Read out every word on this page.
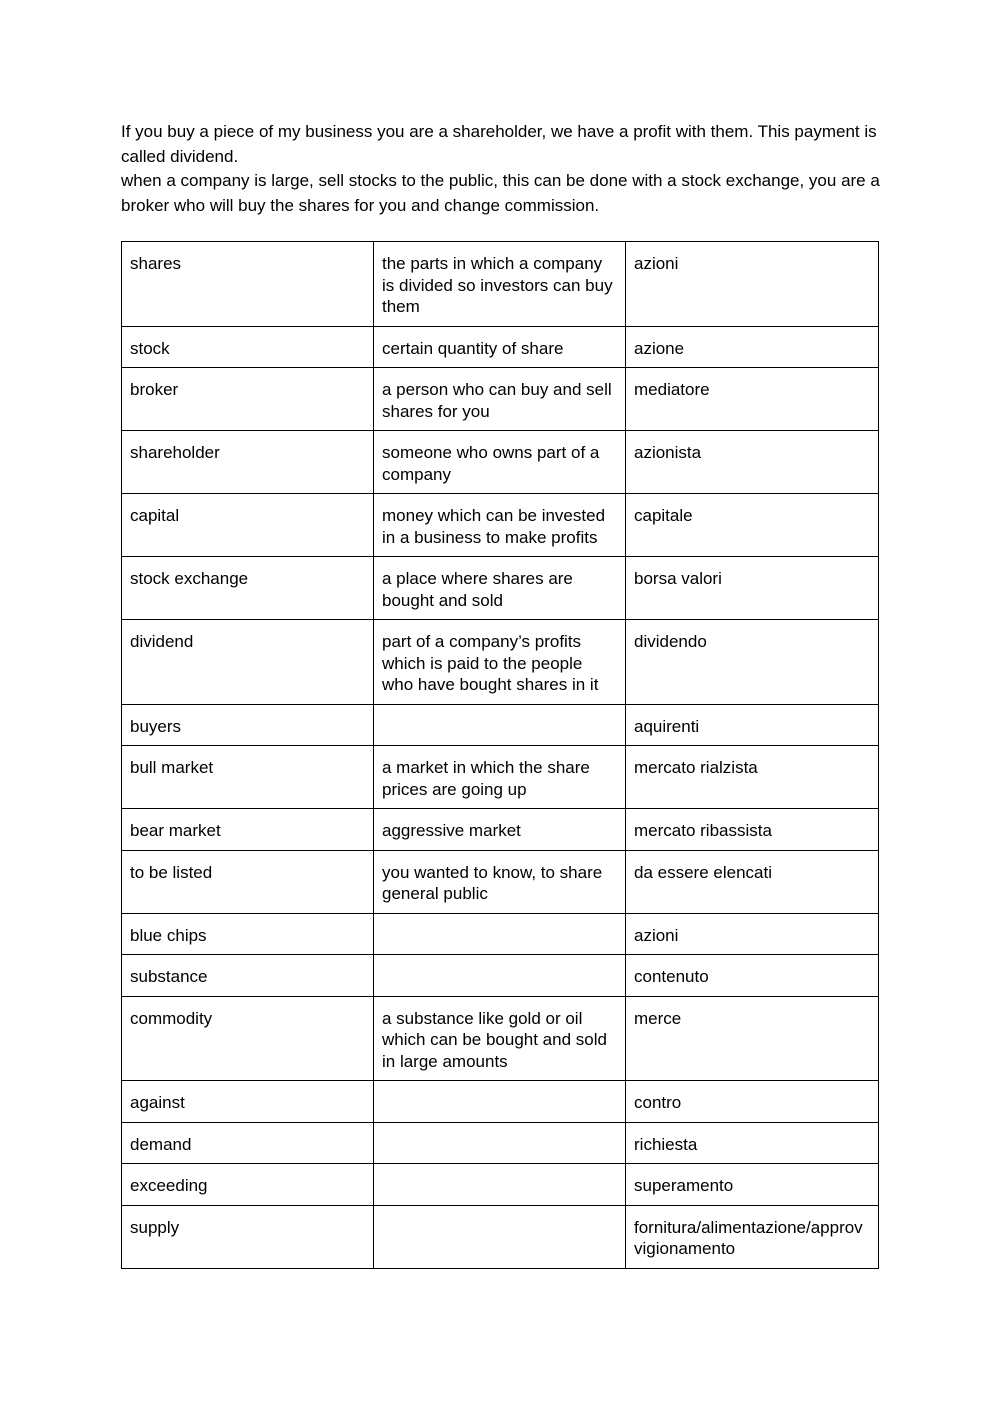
If you buy a piece of my business you are a shareholder, we have a profit with them. This payment is called dividend.

when a company is large, sell stocks to the public, this can be done with a stock exchange, you are a broker who will buy the shares for you and change commission.

shares	the parts in which a company is divided so investors can buy them	azioni
stock	certain quantity of share	azione
broker	a person who can buy and sell shares for you	mediatore
shareholder	someone who owns part of a company	azionista
capital	money which can be invested in a business to make profits	capitale
stock exchange	a place where shares are bought and sold	borsa valori
dividend	part of a company’s profits which is paid to the people who have bought shares in it	dividendo
buyers		aquirenti
bull market	a market in which the share prices are going up	mercato rialzista
bear market	aggressive market	mercato ribassista
to be listed	you wanted to know, to share general public	da essere elencati
blue chips		azioni
substance		contenuto
commodity	a substance like gold or oil which can be bought and sold in large amounts	merce
against		contro
demand		richiesta
exceeding		superamento
supply		fornitura/alimentazione/approvvigionamento
